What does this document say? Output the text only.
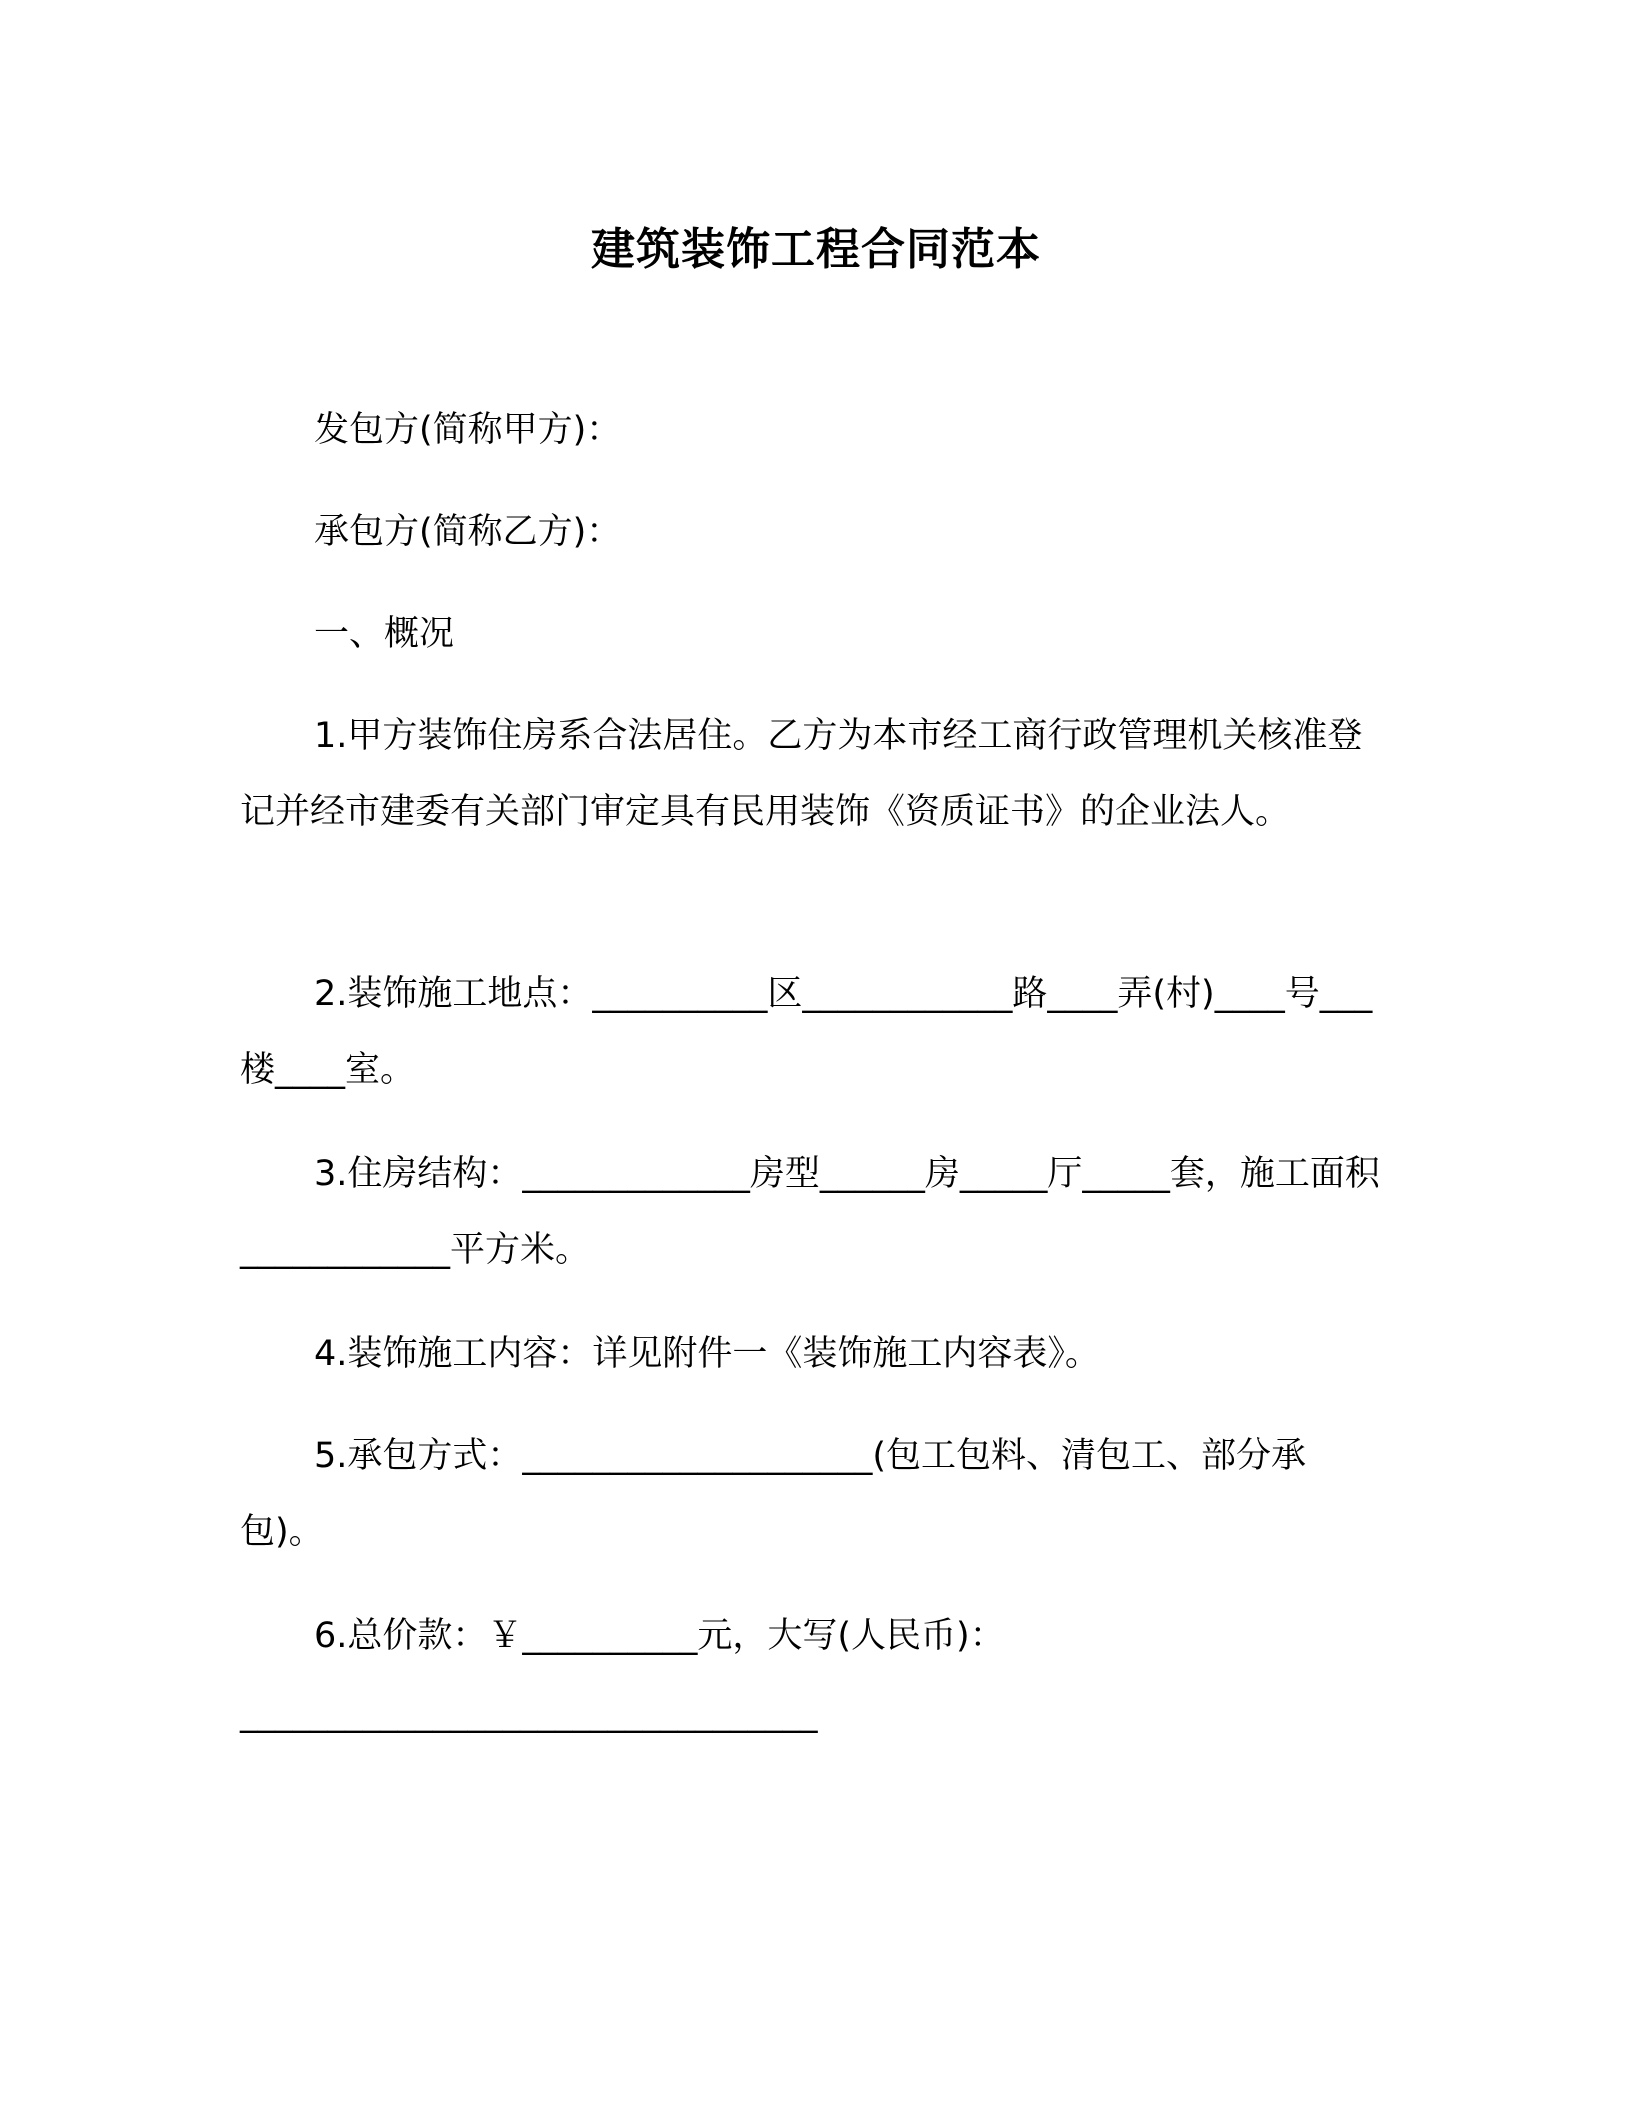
建筑装饰工程合同范本
发包方(简称甲方)：
承包方(简称乙方)：
一、概况
1.甲方装饰住房系合法居住。乙方为本市经工商行政管理机关核准登记并经市建委有关部门审定具有民用装饰《资质证书》的企业法人。
2.装饰施工地点：__________区____________路____弄(村)____号___楼____室。
3.住房结构：_____________房型______房_____厅_____套，施工面积____________平方米。
4.装饰施工内容：详见附件一《装饰施工内容表》。
5.承包方式：____________________(包工包料、清包工、部分承包)。
6.总价款：￥__________元，大写(人民币)：
_________________________________
